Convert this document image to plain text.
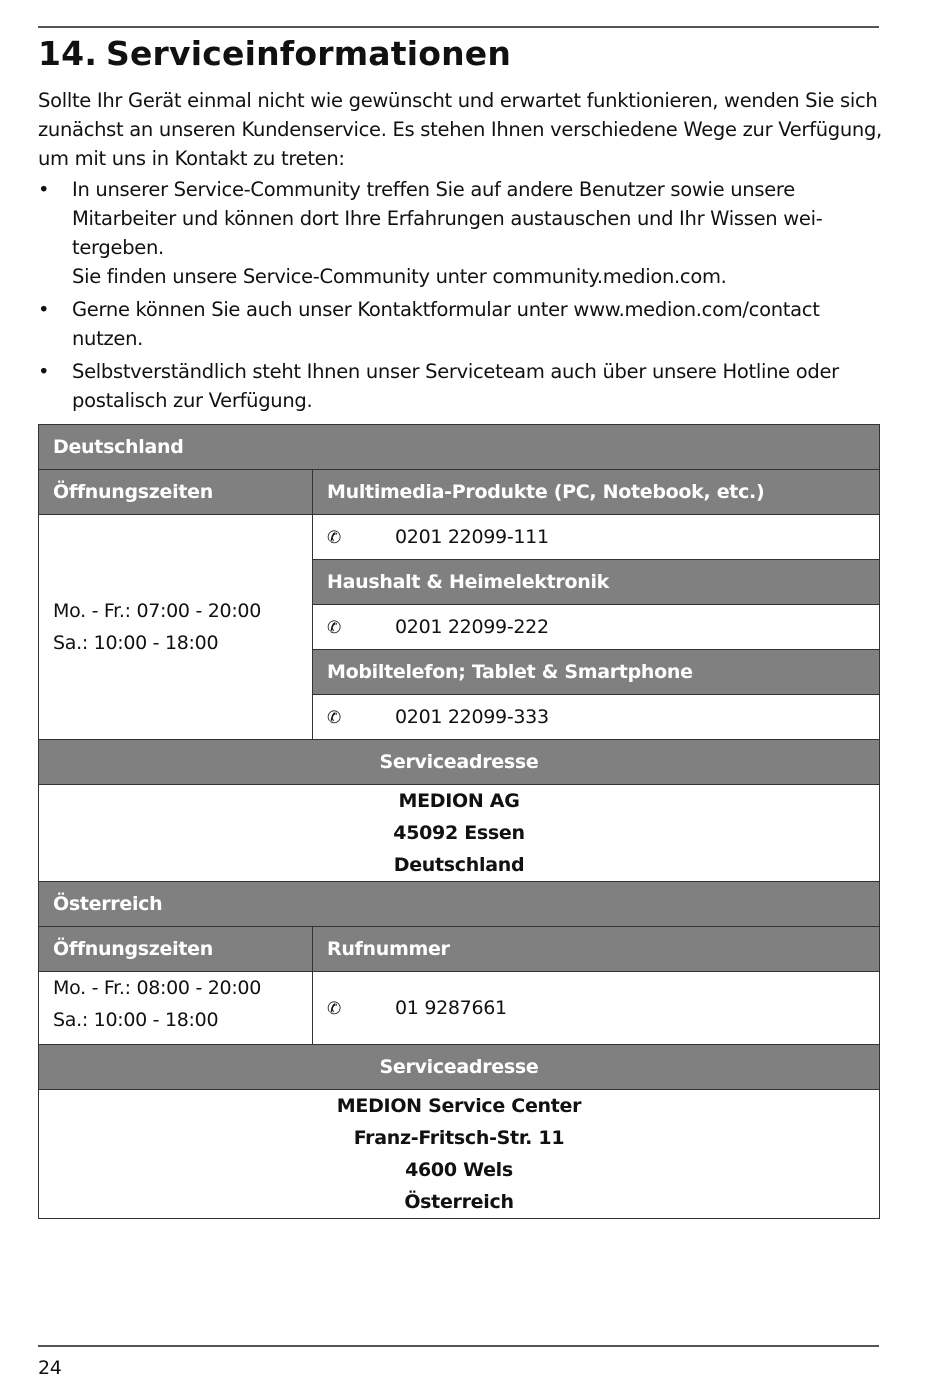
14. Serviceinformationen

Sollte Ihr Gerät einmal nicht wie gewünscht und erwartet funktionieren, wenden Sie sich zunächst an unseren Kundenservice. Es stehen Ihnen verschiedene Wege zur Verfügung, um mit uns in Kontakt zu treten:

• In unserer Service-Community treffen Sie auf andere Benutzer sowie unsere Mitarbeiter und können dort Ihre Erfahrungen austauschen und Ihr Wissen weitergeben.
Sie finden unsere Service-Community unter community.medion.com.
• Gerne können Sie auch unser Kontaktformular unter www.medion.com/contact nutzen.
• Selbstverständlich steht Ihnen unser Serviceteam auch über unsere Hotline oder postalisch zur Verfügung.
Deutschland	
Öffnungszeiten	Multimedia-Produkte (PC, Notebook, etc.)

Mo. - Fr.: 07:00 - 20:00
Sa.: 10:00 - 18:00	✆ 0201 22099-111
	Haushalt & Heimelektronik
	✆ 0201 22099-222
	Mobiltelefon; Tablet & Smartphone
	✆ 0201 22099-333
Serviceadresse	

MEDION AG
45092 Essen
Deutschland	

Österreich	
Öffnungszeiten	Rufnummer

Mo. - Fr.: 08:00 - 20:00
Sa.: 10:00 - 18:00	✆ 01 9287661
Serviceadresse	

MEDION Service Center
Franz-Fritsch-Str. 11
4600 Wels
Österreich	
24
